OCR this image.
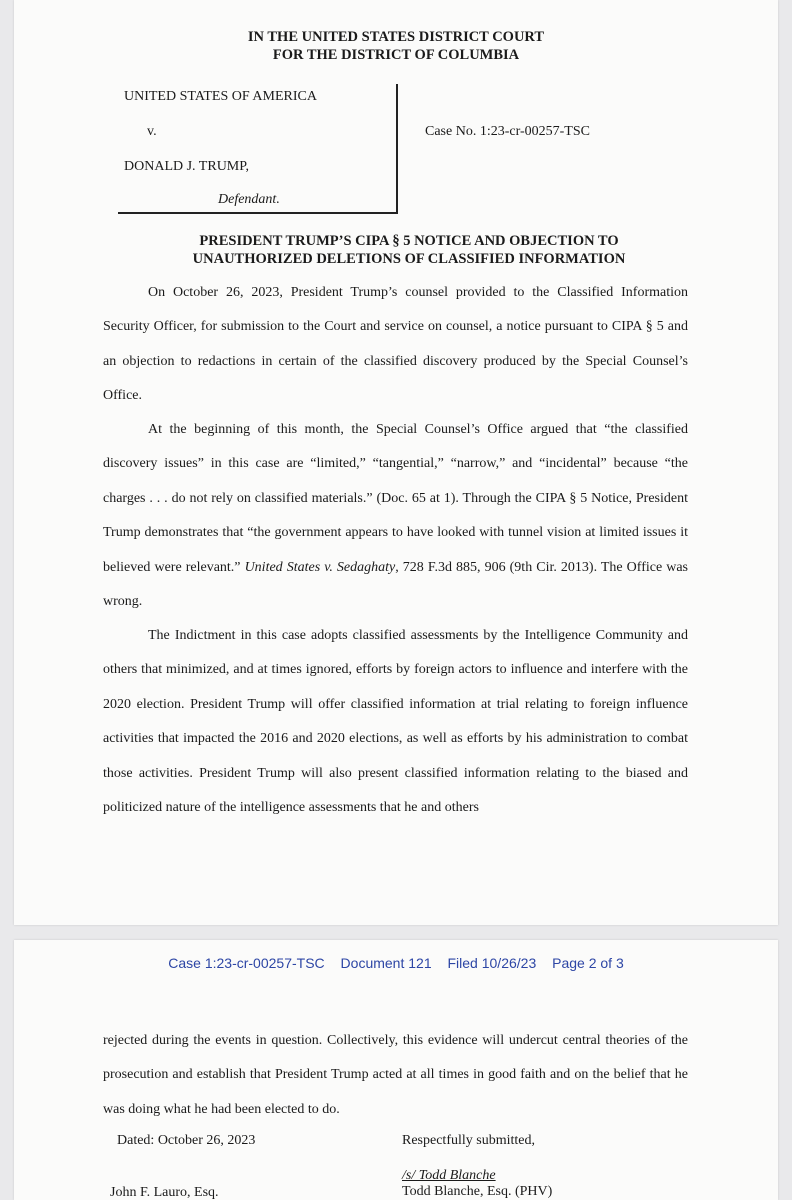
IN THE UNITED STATES DISTRICT COURT
FOR THE DISTRICT OF COLUMBIA
UNITED STATES OF AMERICA
v.
DONALD J. TRUMP,
Defendant.
Case No. 1:23-cr-00257-TSC
PRESIDENT TRUMP’S CIPA § 5 NOTICE AND OBJECTION TO
UNAUTHORIZED DELETIONS OF CLASSIFIED INFORMATION

On October 26, 2023, President Trump’s counsel provided to the Classified Information Security Officer, for submission to the Court and service on counsel, a notice pursuant to CIPA § 5 and an objection to redactions in certain of the classified discovery produced by the Special Counsel’s Office.

At the beginning of this month, the Special Counsel’s Office argued that “the classified discovery issues” in this case are “limited,” “tangential,” “narrow,” and “incidental” because “the charges . . . do not rely on classified materials.” (Doc. 65 at 1). Through the CIPA § 5 Notice, President Trump demonstrates that “the government appears to have looked with tunnel vision at limited issues it believed were relevant.” United States v. Sedaghaty, 728 F.3d 885, 906 (9th Cir. 2013). The Office was wrong.

The Indictment in this case adopts classified assessments by the Intelligence Community and others that minimized, and at times ignored, efforts by foreign actors to influence and interfere with the 2020 election. President Trump will offer classified information at trial relating to foreign influence activities that impacted the 2016 and 2020 elections, as well as efforts by his administration to combat those activities. President Trump will also present classified information relating to the biased and politicized nature of the intelligence assessments that he and others

Case 1:23-cr-00257-TSC Document 121 Filed 10/26/23 Page 2 of 3

rejected during the events in question. Collectively, this evidence will undercut central theories of the prosecution and establish that President Trump acted at all times in good faith and on the belief that he was doing what he had been elected to do.

Dated: October 26, 2023	Respectfully submitted,
/s/ Todd Blanche
John F. Lauro, Esq.	Todd Blanche, Esq. (PHV)
